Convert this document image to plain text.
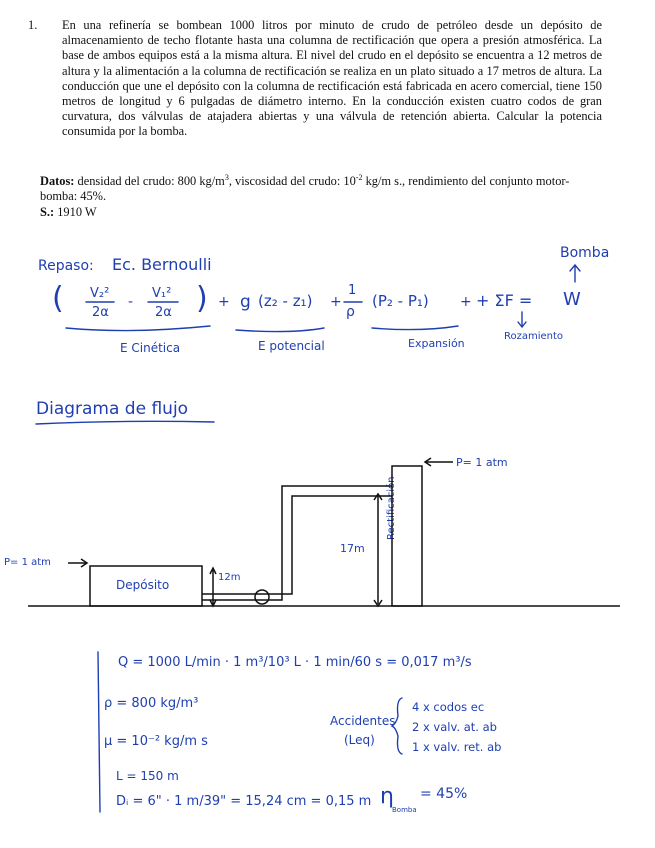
1. En una refinería se bombean 1000 litros por minuto de crudo de petróleo desde un depósito de almacenamiento de techo flotante hasta una columna de rectificación que opera a presión atmosférica. La base de ambos equipos está a la misma altura. El nivel del crudo en el depósito se encuentra a 12 metros de altura y la alimentación a la columna de rectificación se realiza en un plato situado a 17 metros de altura. La conducción que une el depósito con la columna de rectificación está fabricada en acero comercial, tiene 150 metros de longitud y 6 pulgadas de diámetro interno. En la conducción existen cuatro codos de gran curvatura, dos válvulas de atajadera abiertas y una válvula de retención abierta. Calcular la potencia consumida por la bomba.
Datos: densidad del crudo: 800 $kg/m^3$, viscosidad del crudo: $10^{-2}$ kg/m s., rendimiento del conjunto motor-bomba: 45%.
S.: 1910 W
Repaso: Ec. Bernoulli
Bomba
( V₂²
2α
-
V₁²
2α ) + g (z₂ - z₁) +
1
ρ
(P₂ - P₁) + + ΣF = W
E Cinética	E potencial	Expansión
Rozamiento
Diagrama de flujo
P= 1 atm
P= 1 atm
Depósito
12m
17m
Rectificación
Q = 1000 L/min · 1 m³/10³ L · 1 min/60 s = 0,017 m³/s
ρ = 800 kg/m³
μ = 10⁻² kg/m s
L = 150 m
Dᵢ = 6" · 1 m/39" = 15,24 cm = 0,15 m
Accidentes
(Leq)
4 x codos ec
2 x valv. at. ab
1 x valv. ret. ab
η
Bomba
= 45%
